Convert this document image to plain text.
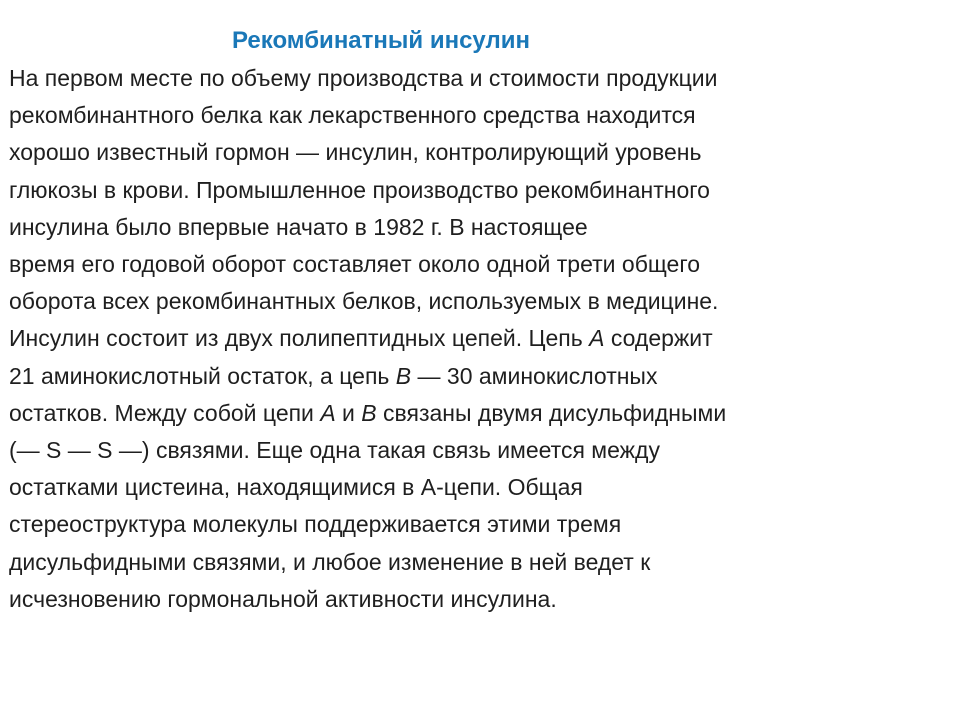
Рекомбинатный инсулин
На первом месте по объему производства и стоимости продукции
рекомбинантного белка как лекарственного средства находится
хорошо известный гормон — инсулин, контролирующий уровень
глюкозы в крови. Промышленное производство рекомбинантного
инсулина было впервые начато в 1982 г. В настоящее
время его годовой оборот составляет около одной трети общего
оборота всех рекомбинантных белков, используемых в медицине.
Инсулин состоит из двух полипептидных цепей. Цепь A содержит
21 аминокислотный остаток, а цепь B — 30 аминокислотных
остатков. Между собой цепи A и B связаны двумя дисульфидными
(— S — S —) связями. Еще одна такая связь имеется между
остатками цистеина, находящимися в А-цепи. Общая
стереоструктура молекулы поддерживается этими тремя
дисульфидными связями, и любое изменение в ней ведет к
исчезновению гормональной активности инсулина.
